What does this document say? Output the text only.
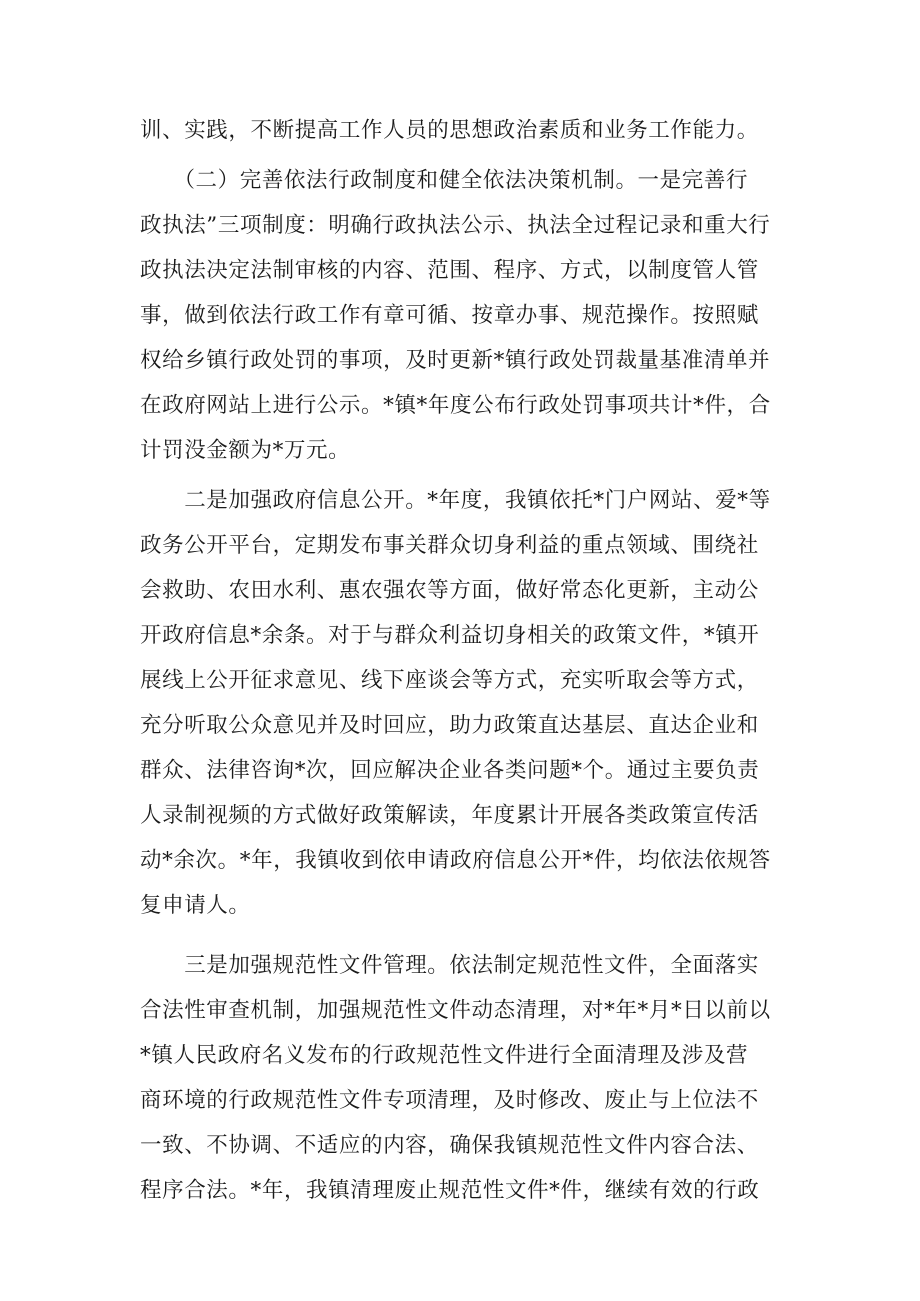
训、实践，不断提高工作人员的思想政治素质和业务工作能力。
　　（二）完善依法行政制度和健全依法决策机制。一是完善行
政执法”三项制度：明确行政执法公示、执法全过程记录和重大行
政执法决定法制审核的内容、范围、程序、方式，以制度管人管
事，做到依法行政工作有章可循、按章办事、规范操作。按照赋
权给乡镇行政处罚的事项，及时更新*镇行政处罚裁量基准清单并
在政府网站上进行公示。*镇*年度公布行政处罚事项共计*件，合
计罚没金额为*万元。
　　二是加强政府信息公开。*年度，我镇依托*门户网站、爱*等
政务公开平台，定期发布事关群众切身利益的重点领域、围绕社
会救助、农田水利、惠农强农等方面，做好常态化更新，主动公
开政府信息*余条。对于与群众利益切身相关的政策文件，*镇开
展线上公开征求意见、线下座谈会等方式，充实听取会等方式，
充分听取公众意见并及时回应，助力政策直达基层、直达企业和
群众、法律咨询*次，回应解决企业各类问题*个。通过主要负责
人录制视频的方式做好政策解读，年度累计开展各类政策宣传活
动*余次。*年，我镇收到依申请政府信息公开*件，均依法依规答
复申请人。
　　三是加强规范性文件管理。依法制定规范性文件，全面落实
合法性审查机制，加强规范性文件动态清理，对*年*月*日以前以
*镇人民政府名义发布的行政规范性文件进行全面清理及涉及营
商环境的行政规范性文件专项清理，及时修改、废止与上位法不
一致、不协调、不适应的内容，确保我镇规范性文件内容合法、
程序合法。*年，我镇清理废止规范性文件*件，继续有效的行政
